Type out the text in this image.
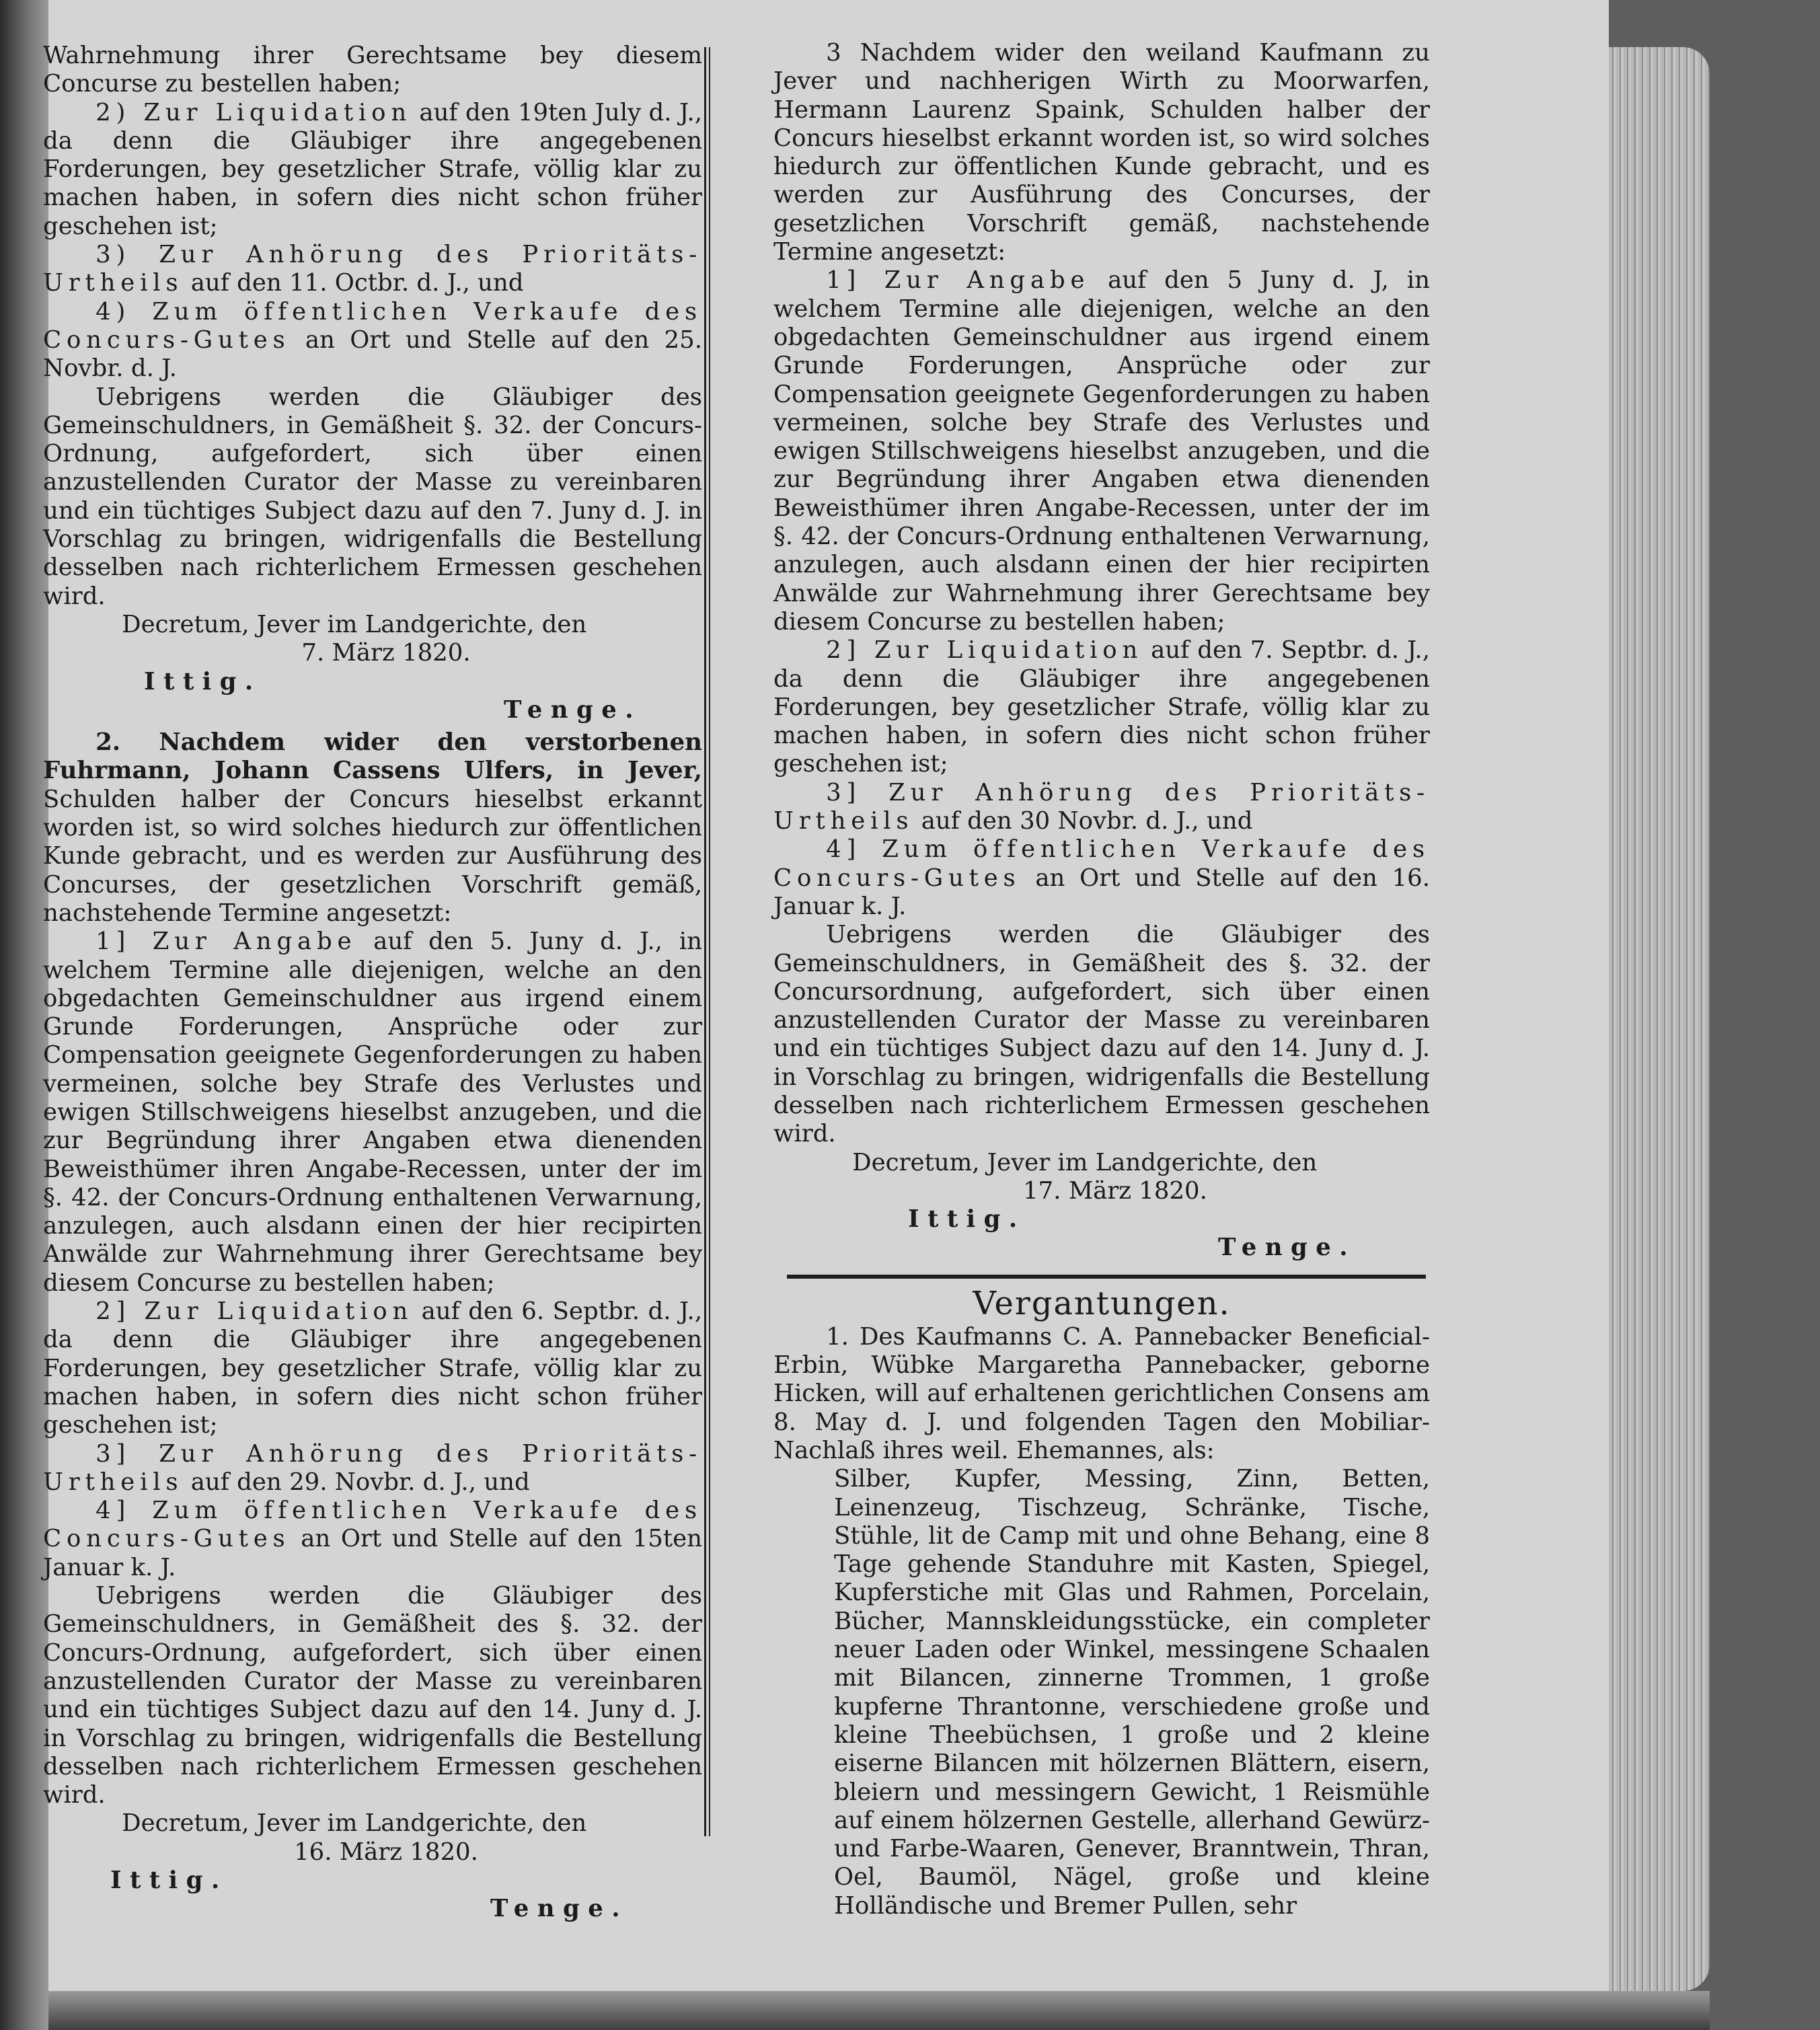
Wahrnehmung ihrer Gerechtsame bey diesem Concurse zu bestellen haben;

2) Zur Liquidation auf den 19ten July d. J., da denn die Gläubiger ihre angegebenen Forderungen, bey gesetzlicher Strafe, völlig klar zu machen haben, in sofern dies nicht schon früher geschehen ist;

3) Zur Anhörung des Prioritäts-Urtheils auf den 11. Octbr. d. J., und

4) Zum öffentlichen Verkaufe des Concurs-Gutes an Ort und Stelle auf den 25. Novbr. d. J.

Uebrigens werden die Gläubiger des Gemeinschuldners, in Gemäßheit §. 32. der Concurs-Ordnung, aufgefordert, sich über einen anzustellenden Curator der Masse zu vereinbaren und ein tüchtiges Subject dazu auf den 7. Juny d. J. in Vorschlag zu bringen, widrigenfalls die Bestellung desselben nach richterlichem Ermessen geschehen wird.

Decretum, Jever im Landgerichte, den

7. März 1820.

Ittig.

Tenge.

2. Nachdem wider den verstorbenen Fuhrmann, Johann Cassens Ulfers, in Jever, Schulden halber der Concurs hieselbst erkannt worden ist, so wird solches hiedurch zur öffentlichen Kunde gebracht, und es werden zur Ausführung des Concurses, der gesetzlichen Vorschrift gemäß, nachstehende Termine angesetzt:

1] Zur Angabe auf den 5. Juny d. J., in welchem Termine alle diejenigen, welche an den obgedachten Gemeinschuldner aus irgend einem Grunde Forderungen, Ansprüche oder zur Compensation geeignete Gegenforderungen zu haben vermeinen, solche bey Strafe des Verlustes und ewigen Stillschweigens hieselbst anzugeben, und die zur Begründung ihrer Angaben etwa dienenden Beweisthümer ihren Angabe-Recessen, unter der im §. 42. der Concurs-Ordnung enthaltenen Verwarnung, anzulegen, auch alsdann einen der hier recipirten Anwälde zur Wahrnehmung ihrer Gerechtsame bey diesem Concurse zu bestellen haben;

2] Zur Liquidation auf den 6. Septbr. d. J., da denn die Gläubiger ihre angegebenen Forderungen, bey gesetzlicher Strafe, völlig klar zu machen haben, in sofern dies nicht schon früher geschehen ist;

3] Zur Anhörung des Prioritäts-Urtheils auf den 29. Novbr. d. J., und

4] Zum öffentlichen Verkaufe des Concurs-Gutes an Ort und Stelle auf den 15ten Januar k. J.

Uebrigens werden die Gläubiger des Gemeinschuldners, in Gemäßheit des §. 32. der Concurs-Ordnung, aufgefordert, sich über einen anzustellenden Curator der Masse zu vereinbaren und ein tüchtiges Subject dazu auf den 14. Juny d. J. in Vorschlag zu bringen, widrigenfalls die Bestellung desselben nach richterlichem Ermessen geschehen wird.

Decretum, Jever im Landgerichte, den

16. März 1820.

Ittig.

Tenge.

3 Nachdem wider den weiland Kaufmann zu Jever und nachherigen Wirth zu Moorwarfen, Hermann Laurenz Spaink, Schulden halber der Concurs hieselbst erkannt worden ist, so wird solches hiedurch zur öffentlichen Kunde gebracht, und es werden zur Ausführung des Concurses, der gesetzlichen Vorschrift gemäß, nachstehende Termine angesetzt:

1] Zur Angabe auf den 5 Juny d. J, in welchem Termine alle diejenigen, welche an den obgedachten Gemeinschuldner aus irgend einem Grunde Forderungen, Ansprüche oder zur Compensation geeignete Gegenforderungen zu haben vermeinen, solche bey Strafe des Verlustes und ewigen Stillschweigens hieselbst anzugeben, und die zur Begründung ihrer Angaben etwa dienenden Beweisthümer ihren Angabe-Recessen, unter der im §. 42. der Concurs-Ordnung enthaltenen Verwarnung, anzulegen, auch alsdann einen der hier recipirten Anwälde zur Wahrnehmung ihrer Gerechtsame bey diesem Concurse zu bestellen haben;

2] Zur Liquidation auf den 7. Septbr. d. J., da denn die Gläubiger ihre angegebenen Forderungen, bey gesetzlicher Strafe, völlig klar zu machen haben, in sofern dies nicht schon früher geschehen ist;

3] Zur Anhörung des Prioritäts-Urtheils auf den 30 Novbr. d. J., und

4] Zum öffentlichen Verkaufe des Concurs-Gutes an Ort und Stelle auf den 16. Januar k. J.

Uebrigens werden die Gläubiger des Gemeinschuldners, in Gemäßheit des §. 32. der Concursordnung, aufgefordert, sich über einen anzustellenden Curator der Masse zu vereinbaren und ein tüchtiges Subject dazu auf den 14. Juny d. J. in Vorschlag zu bringen, widrigenfalls die Bestellung desselben nach richterlichem Ermessen geschehen wird.

Decretum, Jever im Landgerichte, den

17. März 1820.

Ittig.

Tenge.

Vergantungen.

1. Des Kaufmanns C. A. Pannebacker Beneficial-Erbin, Wübke Margaretha Pannebacker, geborne Hicken, will auf erhaltenen gerichtlichen Consens am 8. May d. J. und folgenden Tagen den Mobiliar-Nachlaß ihres weil. Ehemannes, als:

Silber, Kupfer, Messing, Zinn, Betten, Leinenzeug, Tischzeug, Schränke, Tische, Stühle, lit de Camp mit und ohne Behang, eine 8 Tage gehende Standuhre mit Kasten, Spiegel, Kupferstiche mit Glas und Rahmen, Porcelain, Bücher, Mannskleidungsstücke, ein completer neuer Laden oder Winkel, messingene Schaalen mit Bilancen, zinnerne Trommen, 1 große kupferne Thrantonne, verschiedene große und kleine Theebüchsen, 1 große und 2 kleine eiserne Bilancen mit hölzernen Blättern, eisern, bleiern und messingern Gewicht, 1 Reismühle auf einem hölzernen Gestelle, allerhand Gewürz- und Farbe-Waaren, Genever, Branntwein, Thran, Oel, Baumöl, Nägel, große und kleine Holländische und Bremer Pullen, sehr
